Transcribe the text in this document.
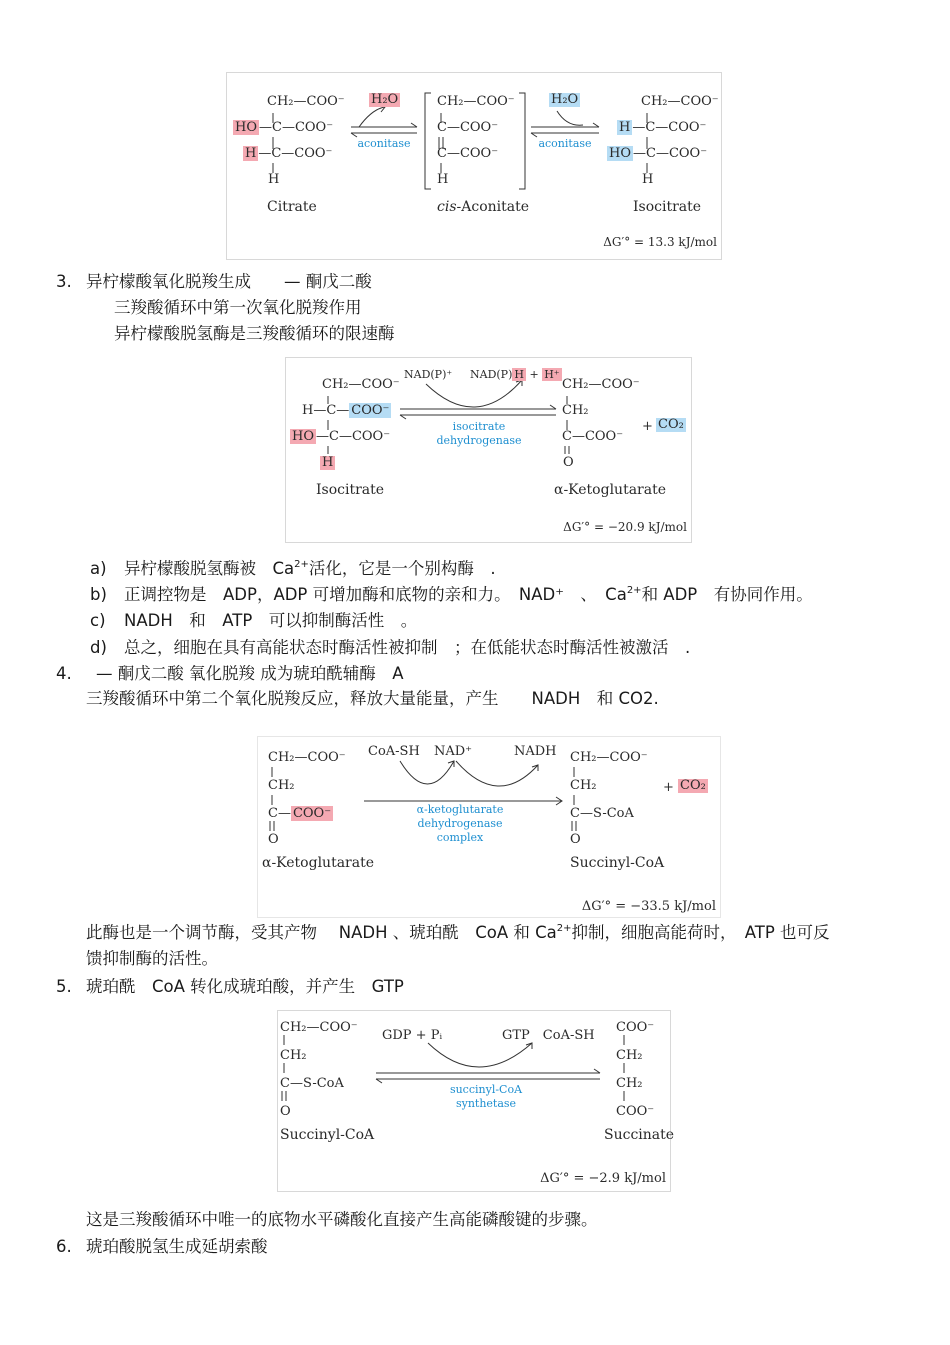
CH₂—COO⁻
HO —C—COO⁻
H —C—COO⁻
H
Citrate
H₂O
aconitase
CH₂—COO⁻
C—COO⁻
C—COO⁻
H
cis-Aconitate
H₂O
aconitase
CH₂—COO⁻
H —C—COO⁻
HO —C—COO⁻
H
Isocitrate
ΔG′° = 13.3 kJ/mol
3. 异柠檬酸氧化脱羧生成　　— 酮戊二酸
三羧酸循环中第一次氧化脱羧作用
异柠檬酸脱氢酶是三羧酸循环的限速酶
CH₂—COO⁻
H—C— COO⁻
HO —C—COO⁻
H
Isocitrate
NAD(P)⁺ NAD(P) H + H⁺
isocitrate
dehydrogenase
CH₂—COO⁻
CH₂
C—COO⁻
O
α-Ketoglutarate
+ CO₂
ΔG′° = −20.9 kJ/mol
a) 异柠檬酸脱氢酶被　$Ca^{2+}$活化，它是一个别构酶　.
b) 正调控物是　ADP，ADP 可增加酶和底物的亲和力。　NAD⁺　、　$Ca^{2+}$和 ADP　有协同作用。
c) NADH　和　ATP　可以抑制酶活性　。
d) 总之，细胞在具有高能状态时酶活性被抑制　；在低能状态时酶活性被激活　.
4. — 酮戊二酸 氧化脱羧 成为琥珀酰辅酶　A
三羧酸循环中第二个氧化脱羧反应，释放大量能量，产生　　NADH　和 CO2.
CH₂—COO⁻
CH₂
C— COO⁻
O
α-Ketoglutarate
CoA-SH NAD⁺	NADH
α-ketoglutarate
dehydrogenase
complex
CH₂—COO⁻
CH₂
C—S-CoA
O
Succinyl-CoA
+ CO₂
ΔG′° = −33.5 kJ/mol
此酶也是一个调节酶，受其产物　 NADH 、琥珀酰　CoA 和 $Ca^{2+}$抑制，细胞高能荷时，　ATP 也可反
馈抑制酶的活性。
5. 琥珀酰　CoA 转化成琥珀酸，并产生　GTP
CH₂—COO⁻
CH₂
C—S-CoA
O
Succinyl-CoA
GDP + Pᵢ	GTP　CoA-SH
succinyl-CoA
synthetase
COO⁻
CH₂
CH₂
COO⁻
Succinate
ΔG′° = −2.9 kJ/mol
这是三羧酸循环中唯一的底物水平磷酸化直接产生高能磷酸键的步骤。
6. 琥珀酸脱氢生成延胡索酸
